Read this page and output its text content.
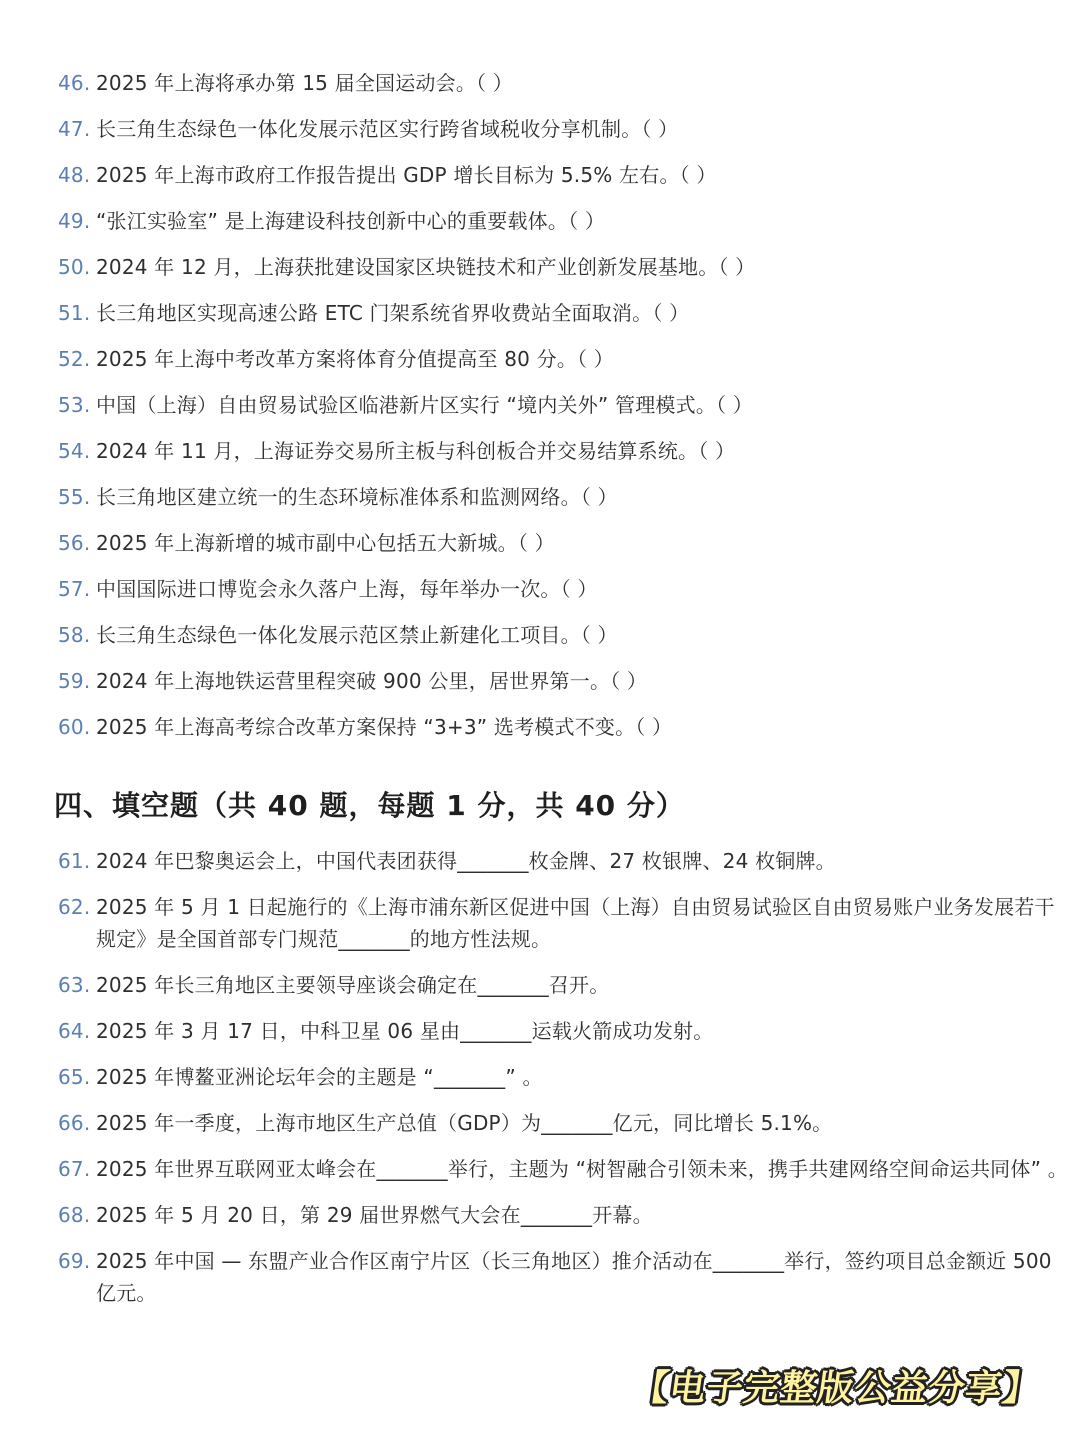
46. 2025 年上海将承办第 15 届全国运动会。（ ）
47. 长三角生态绿色一体化发展示范区实行跨省域税收分享机制。（ ）
48. 2025 年上海市政府工作报告提出 GDP 增长目标为 5.5% 左右。（ ）
49. “张江实验室” 是上海建设科技创新中心的重要载体。（ ）
50. 2024 年 12 月，上海获批建设国家区块链技术和产业创新发展基地。（ ）
51. 长三角地区实现高速公路 ETC 门架系统省界收费站全面取消。（ ）
52. 2025 年上海中考改革方案将体育分值提高至 80 分。（ ）
53. 中国（上海）自由贸易试验区临港新片区实行 “境内关外” 管理模式。（ ）
54. 2024 年 11 月，上海证券交易所主板与科创板合并交易结算系统。（ ）
55. 长三角地区建立统一的生态环境标准体系和监测网络。（ ）
56. 2025 年上海新增的城市副中心包括五大新城。（ ）
57. 中国国际进口博览会永久落户上海，每年举办一次。（ ）
58. 长三角生态绿色一体化发展示范区禁止新建化工项目。（ ）
59. 2024 年上海地铁运营里程突破 900 公里，居世界第一。（ ）
60. 2025 年上海高考综合改革方案保持 “3+3” 选考模式不变。（ ）
四、填空题（共 40 题，每题 1 分，共 40 分）
61. 2024 年巴黎奥运会上，中国代表团获得_______枚金牌、27 枚银牌、24 枚铜牌。
62. 2025 年 5 月 1 日起施行的《上海市浦东新区促进中国（上海）自由贸易试验区自由贸易账户业务发展若干规定》是全国首部专门规范_______的地方性法规。
63. 2025 年长三角地区主要领导座谈会确定在_______召开。
64. 2025 年 3 月 17 日，中科卫星 06 星由_______运载火箭成功发射。
65. 2025 年博鳌亚洲论坛年会的主题是 “_______” 。
66. 2025 年一季度，上海市地区生产总值（GDP）为_______亿元，同比增长 5.1%。
67. 2025 年世界互联网亚太峰会在_______举行，主题为 “树智融合引领未来，携手共建网络空间命运共同体” 。
68. 2025 年 5 月 20 日，第 29 届世界燃气大会在_______开幕。
69. 2025 年中国 — 东盟产业合作区南宁片区（长三角地区）推介活动在_______举行，签约项目总金额近 500 亿元。
【电子完整版公益分享】
